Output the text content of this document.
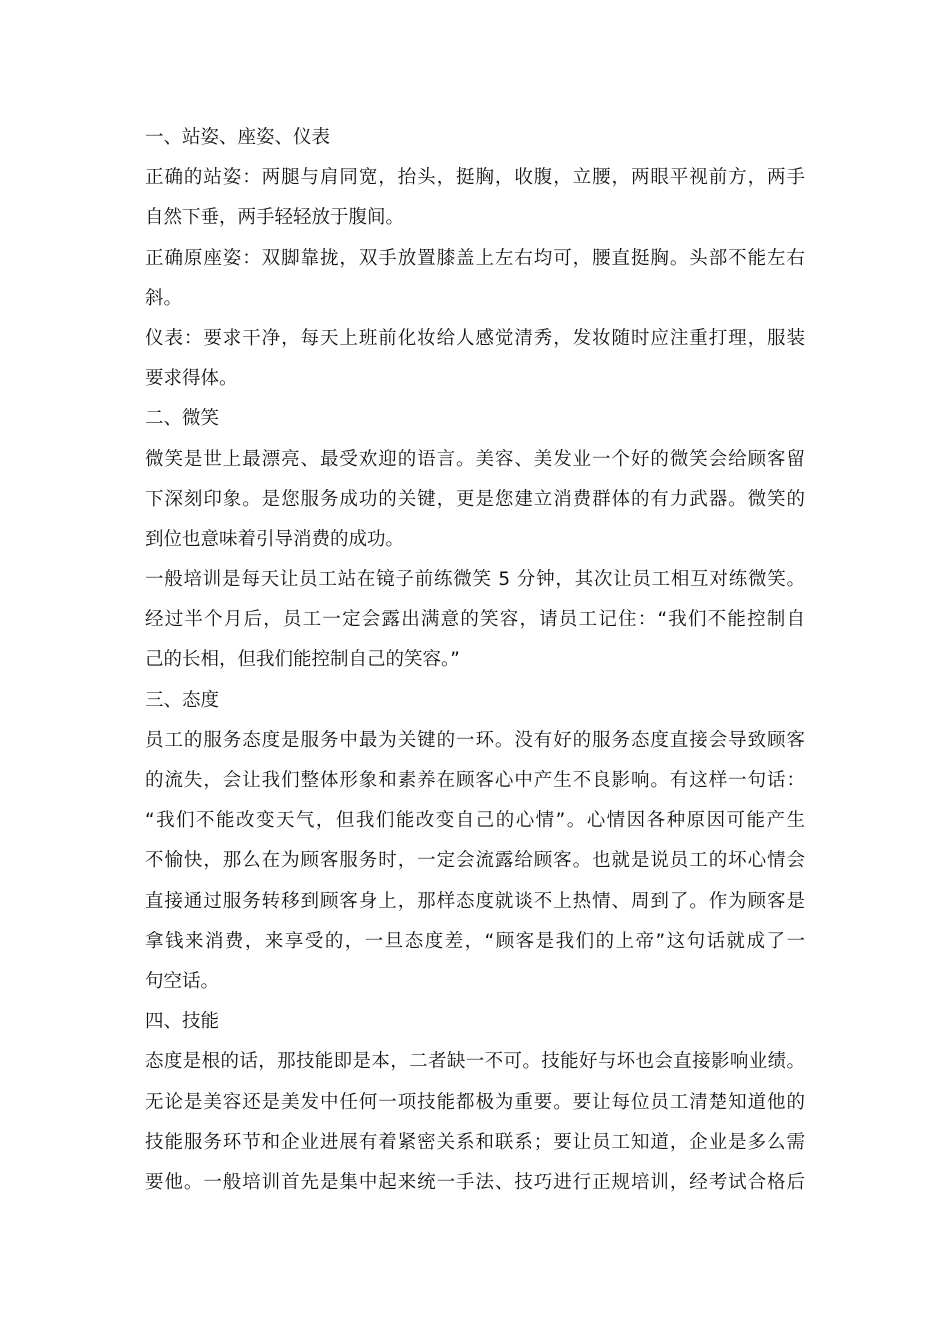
一、站姿、座姿、仪表
正确的站姿：两腿与肩同宽，抬头，挺胸，收腹，立腰，两眼平视前方，两手
自然下垂，两手轻轻放于腹间。
正确原座姿：双脚靠拢，双手放置膝盖上左右均可，腰直挺胸。头部不能左右
斜。
仪表：要求干净，每天上班前化妆给人感觉清秀，发妆随时应注重打理，服装
要求得体。
二、微笑
微笑是世上最漂亮、最受欢迎的语言。美容、美发业一个好的微笑会给顾客留
下深刻印象。是您服务成功的关键，更是您建立消费群体的有力武器。微笑的
到位也意味着引导消费的成功。
一般培训是每天让员工站在镜子前练微笑 5 分钟，其次让员工相互对练微笑。
经过半个月后，员工一定会露出满意的笑容，请员工记住：“我们不能控制自
己的长相，但我们能控制自己的笑容。”
三、态度
员工的服务态度是服务中最为关键的一环。没有好的服务态度直接会导致顾客
的流失，会让我们整体形象和素养在顾客心中产生不良影响。有这样一句话：
“我们不能改变天气，但我们能改变自己的心情”。心情因各种原因可能产生
不愉快，那么在为顾客服务时，一定会流露给顾客。也就是说员工的坏心情会
直接通过服务转移到顾客身上，那样态度就谈不上热情、周到了。作为顾客是
拿钱来消费，来享受的，一旦态度差，“顾客是我们的上帝”这句话就成了一
句空话。
四、技能
态度是根的话，那技能即是本，二者缺一不可。技能好与坏也会直接影响业绩。
无论是美容还是美发中任何一项技能都极为重要。要让每位员工清楚知道他的
技能服务环节和企业进展有着紧密关系和联系；要让员工知道，企业是多么需
要他。一般培训首先是集中起来统一手法、技巧进行正规培训，经考试合格后
